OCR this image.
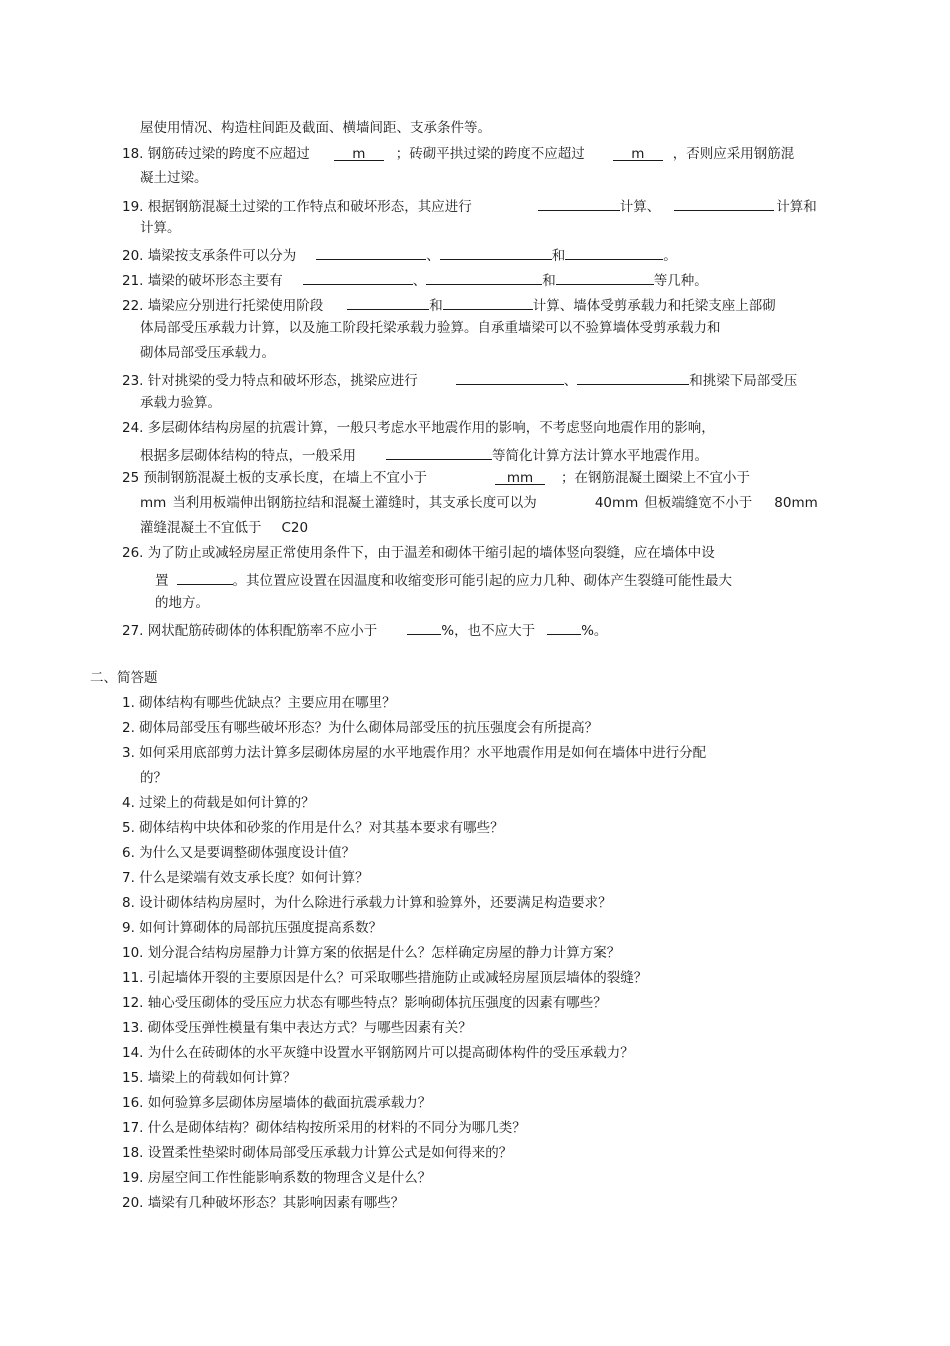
屋使用情况、构造柱间距及截面、横墙间距、支承条件等。
18. 钢筋砖过梁的跨度不应超过	m ；砖砌平拱过梁的跨度不应超过	m ，否则应采用钢筋混
凝土过梁。
19. 根据钢筋混凝土过梁的工作特点和破坏形态，其应进行	计算、	计算和
计算。
20. 墙梁按支承条件可以分为	、	和	。
21. 墙梁的破坏形态主要有	、	和	等几种。
22. 墙梁应分别进行托梁使用阶段	和	计算、墙体受剪承载力和托梁支座上部砌
体局部受压承载力计算，以及施工阶段托梁承载力验算。自承重墙梁可以不验算墙体受剪承载力和
砌体局部受压承载力。
23. 针对挑梁的受力特点和破坏形态，挑梁应进行	、	和挑梁下局部受压
承载力验算。
24. 多层砌体结构房屋的抗震计算，一般只考虑水平地震作用的影响，不考虑竖向地震作用的影响，
根据多层砌体结构的特点，一般采用	等简化计算方法计算水平地震作用。
25 预制钢筋混凝土板的支承长度，在墙上不宜小于	mm ；在钢筋混凝土圈梁上不宜小于
mm 当利用板端伸出钢筋拉结和混凝土灌缝时，其支承长度可以为	40mm 但板端缝宽不小于 80mm
灌缝混凝土不宜低于 C20
26. 为了防止或减轻房屋正常使用条件下，由于温差和砌体干缩引起的墙体竖向裂缝，应在墙体中设
置	。其位置应设置在因温度和收缩变形可能引起的应力几种、砌体产生裂缝可能性最大
的地方。
27. 网状配筋砖砌体的体积配筋率不应小于	%，也不应大于	%。
二、简答题
1. 砌体结构有哪些优缺点？主要应用在哪里？
2. 砌体局部受压有哪些破坏形态？为什么砌体局部受压的抗压强度会有所提高？
3. 如何采用底部剪力法计算多层砌体房屋的水平地震作用？水平地震作用是如何在墙体中进行分配
的？
4. 过梁上的荷载是如何计算的？
5. 砌体结构中块体和砂浆的作用是什么？对其基本要求有哪些？
6. 为什么又是要调整砌体强度设计值？
7. 什么是梁端有效支承长度？如何计算？
8. 设计砌体结构房屋时，为什么除进行承载力计算和验算外，还要满足构造要求？
9. 如何计算砌体的局部抗压强度提高系数？
10. 划分混合结构房屋静力计算方案的依据是什么？怎样确定房屋的静力计算方案？
11. 引起墙体开裂的主要原因是什么？可采取哪些措施防止或减轻房屋顶层墙体的裂缝？
12. 轴心受压砌体的受压应力状态有哪些特点？影响砌体抗压强度的因素有哪些？
13. 砌体受压弹性模量有集中表达方式？与哪些因素有关？
14. 为什么在砖砌体的水平灰缝中设置水平钢筋网片可以提高砌体构件的受压承载力？
15. 墙梁上的荷载如何计算？
16. 如何验算多层砌体房屋墙体的截面抗震承载力？
17. 什么是砌体结构？砌体结构按所采用的材料的不同分为哪几类？
18. 设置柔性垫梁时砌体局部受压承载力计算公式是如何得来的？
19. 房屋空间工作性能影响系数的物理含义是什么？
20. 墙梁有几种破坏形态？其影响因素有哪些？
